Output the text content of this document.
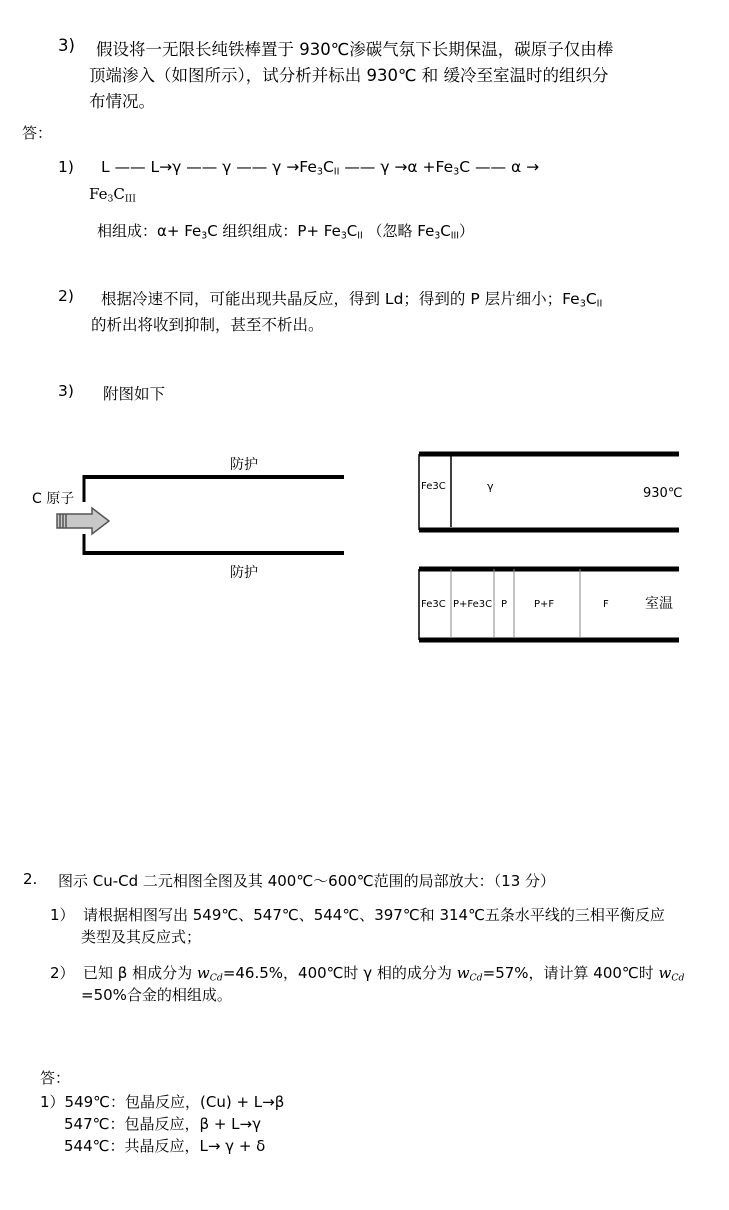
3) 假设将一无限长纯铁棒置于 930℃渗碳气氛下长期保温，碳原子仅由棒
顶端渗入（如图所示），试分析并标出 930℃ 和 缓冷至室温时的组织分
布情况。
答：
1) L —— L→γ —— γ —— $\gamma \to Fe_3C_{II}$ —— $\gamma \to\alpha +Fe_3C$ —— α →
$Fe_3C_{III}$
相组成：$\alpha+ Fe_3C$ 组织组成：$P+ Fe_3C_{II}$ （忽略 $Fe_3C_{III}$）
2) 根据冷速不同，可能出现共晶反应，得到 Ld；得到的 P 层片细小；$Fe_3C_{II}$
的析出将收到抑制，甚至不析出。
3) 附图如下
防护
防护
C 原子
Fe3C	γ	930℃
Fe3C P+Fe3C P	P+F	F	室温
2. 图示 Cu-Cd 二元相图全图及其 400℃～600℃范围的局部放大：（13 分）
1） 请根据相图写出 549℃、547℃、544℃、397℃和 314℃五条水平线的三相平衡反应
类型及其反应式；
2） 已知 β 相成分为 $w_{Cd}=46.5\%$，400℃时 γ 相的成分为 $w_{Cd}=57\%$，请计算 400℃时 $w_{Cd}$
=50%合金的相组成。
答：
1）549℃：包晶反应，(Cu) + L→β
547℃：包晶反应，β + L→γ
544℃：共晶反应，L→ γ + δ
